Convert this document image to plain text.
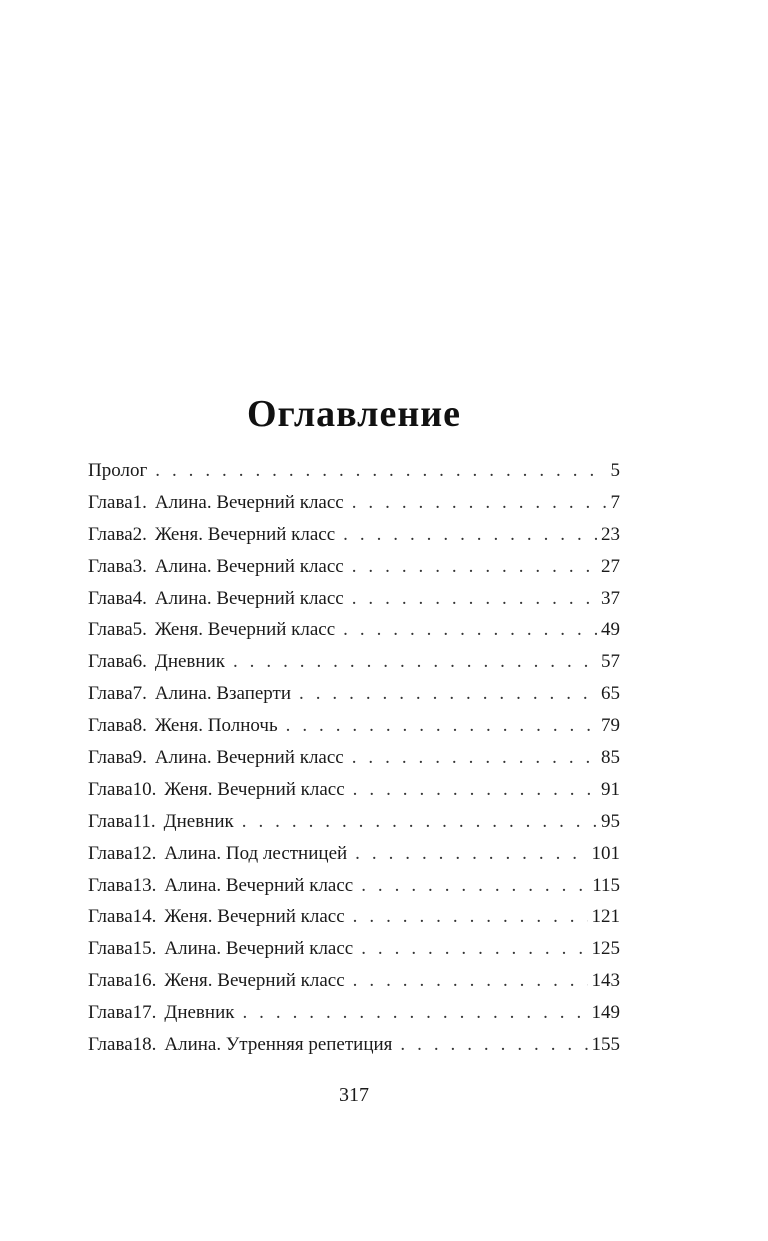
Оглавление
Пролог . . .	5
Глава 1. Алина. Вечерний класс . . .	7
Глава 2. Женя. Вечерний класс . . .	23
Глава 3. Алина. Вечерний класс . . .	27
Глава 4. Алина. Вечерний класс . . .	37
Глава 5. Женя. Вечерний класс . . .	49
Глава 6. Дневник . . .	57
Глава 7. Алина. Взаперти . . .	65
Глава 8. Женя. Полночь . . .	79
Глава 9. Алина. Вечерний класс . . .	85
Глава 10. Женя. Вечерний класс . . .	91
Глава 11. Дневник . . .	95
Глава 12. Алина. Под лестницей . . .	101
Глава 13. Алина. Вечерний класс . . .	115
Глава 14. Женя. Вечерний класс . . .	121
Глава 15. Алина. Вечерний класс . . .	125
Глава 16. Женя. Вечерний класс . . .	143
Глава 17. Дневник . . .	149
Глава 18. Алина. Утренняя репетиция . . .	155
317
